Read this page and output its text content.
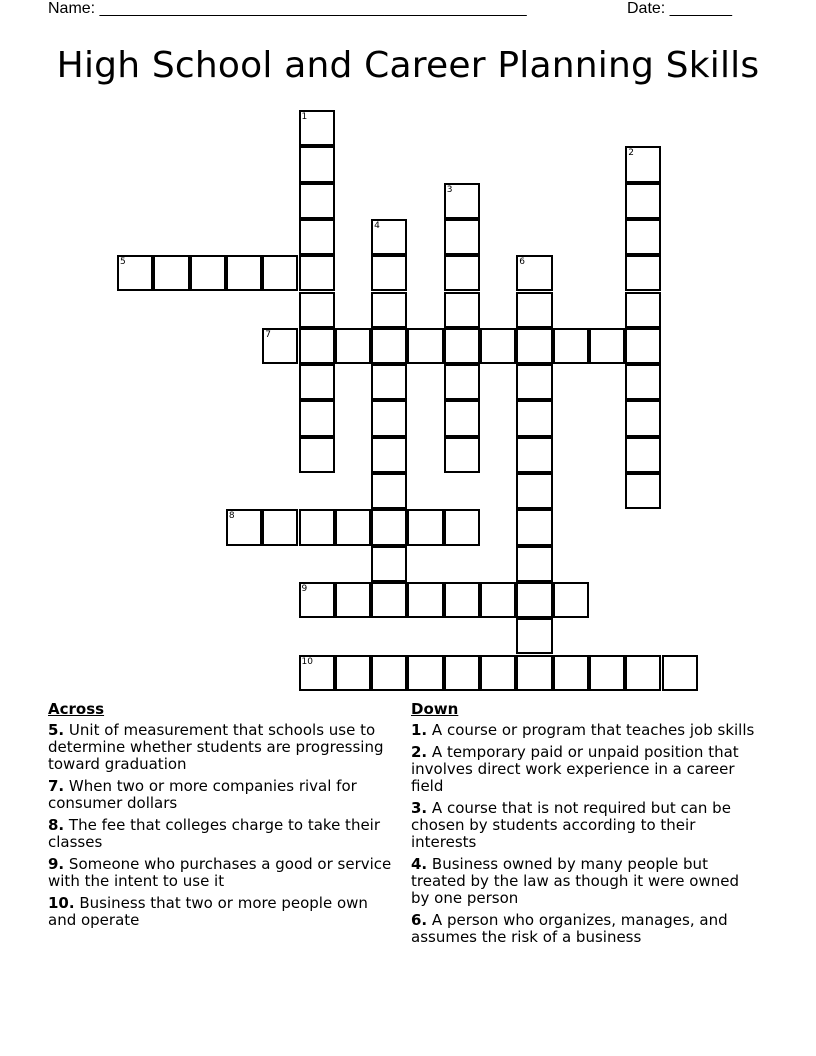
Name: ________________________________________________	Date: _______
High School and Career Planning Skills
1
2
3
4
5	6
7
8
9
10
Across
5. Unit of measurement that schools use to determine whether students are progressing toward graduation
7. When two or more companies rival for consumer dollars
8. The fee that colleges charge to take their classes
9. Someone who purchases a good or service with the intent to use it
10. Business that two or more people own and operate
Down
1. A course or program that teaches job skills
2. A temporary paid or unpaid position that involves direct work experience in a career field
3. A course that is not required but can be chosen by students according to their interests
4. Business owned by many people but treated by the law as though it were owned by one person
6. A person who organizes, manages, and assumes the risk of a business
